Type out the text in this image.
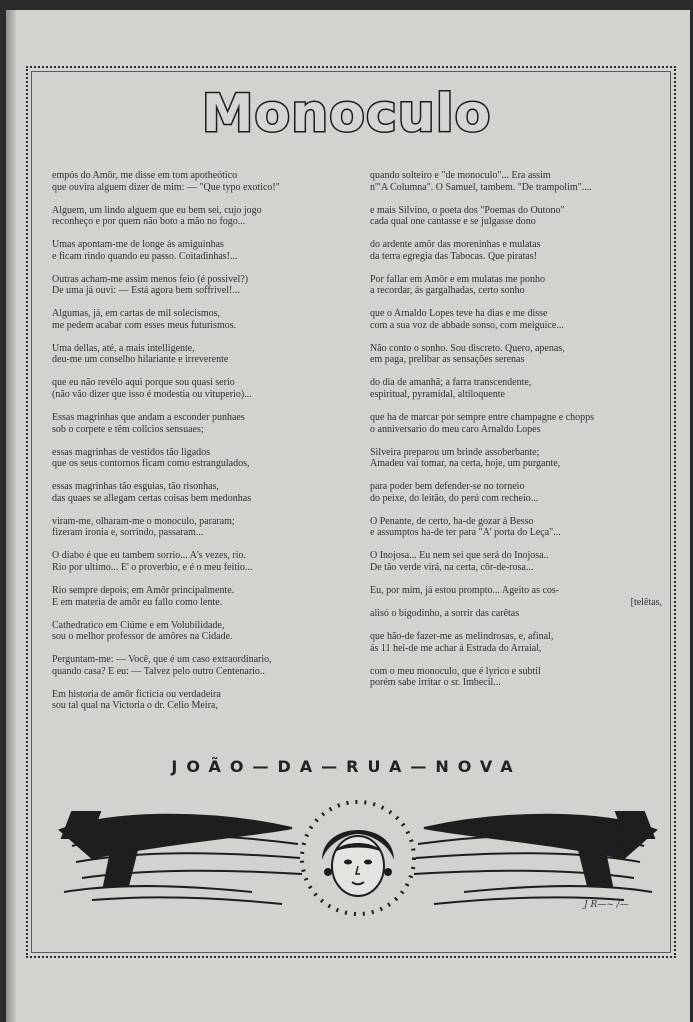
Monoculo
empós do Amôr, me disse em tom apotheótico
que ouvira alguem dizer de mim: — "Que typo exotico!"
Alguem, um lindo alguem que eu bem sei, cujo jogo
reconheço e por quem não boto a mão no fogo...
Umas apontam-me de longe ás amiguinhas
e ficam rindo quando eu passo. Coitadinhas!...
Outras acham-me assim menos feio (é possivel?)
De uma já ouvi: — Está agora bem soffrivel!...
Algumas, já, em cartas de mil solecismos,
me pedem acabar com esses meus futurismos.
Uma dellas, até, a mais intelligente,
deu-me um conselho hilariante e irreverente
que eu não revélo aqui porque sou quasi serio
(não vão dizer que isso é modestia ou vituperio)...
Essas magrinhas que andam a esconder punhaes
sob o corpete e têm collcios sensuaes;
essas magrinhas de vestidos tão ligados
que os seus contornos ficam como estrangulados,
essas magrinhas tão esguias, tão risonhas,
das quaes se allegam certas coisas bem medonhas
viram-me, olharam-me o monoculo, pararam;
fizeram ironia e, sorrindo, passaram...
O diabo é que eu tambem sorrio... A's vezes, rio.
Rio por ultimo... E' o proverbio, e é o meu feitio...
Rio sempre depois; em Amôr principalmente.
E em materia de amôr eu fallo como lente.
Cathedratico em Ciúme e em Volubilidade,
sou o melhor professor de amôres na Cidade.
Perguntam-me: — Você, que é um caso extraordinario,
quando casa? E eu: — Talvez pelo outro Centenario..
Em historia de amôr ficticia ou verdadeira
sou tal qual na Victoria o dr. Celio Meira,
quando solteiro e "de monoculo"... Era assim
n'"A Columna". O Samuel, tambem. "De trampolim"....
e mais Silvino, o poeta dos "Poemas do Outono"
cada qual one cantasse e se julgasse dono
do ardente amôr das moreninhas e mulatas
da terra egregia das Tabocas. Que piratas!
Por fallar em Amôr e em mulatas me ponho
a recordar, ás gargalhadas, certo sonho
que o Arnaldo Lopes teve ha dias e me disse
com a sua voz de abbade sonso, com meiguice...
Não conto o sonho. Sou discreto. Quero, apenas,
em paga, prelibar as sensações serenas
do dia de amanhã; a farra transcendente,
espiritual, pyramidal, altiloquente
que ha de marcar por sempre entre champagne e chopps
o anniversario do meu caro Arnaldo Lopes
Silveira preparou um brinde assoberbante;
Amadeu vai tomar, na certa, hoje, um purgante,
para poder bem defender-se no torneio
do peixe, do leitão, do perú com recheio...
O Penante, de certo, ha-de gozar á Besso
e assumptos ha-de ter para "A' porta do Leça"...
O Inojosa... Eu nem sei que será do Inojosa..
De tão verde virá, na certa, côr-de-rosa...
Eu, por mim, já estou prompto... Ageito as cos-
[telêtas,
alisó o bigodinho, a sorrir das carêtas
que hão-de fazer-me as melindrosas, e, afinal,
ás 11 hei-de me achar á Estrada do Arraial,
com o meu monoculo, que é lyrico e subtil
porém sabe irritar o sr. Imbecil...
JOÃO—DA—RUA—NOVA
J R—~ /—
